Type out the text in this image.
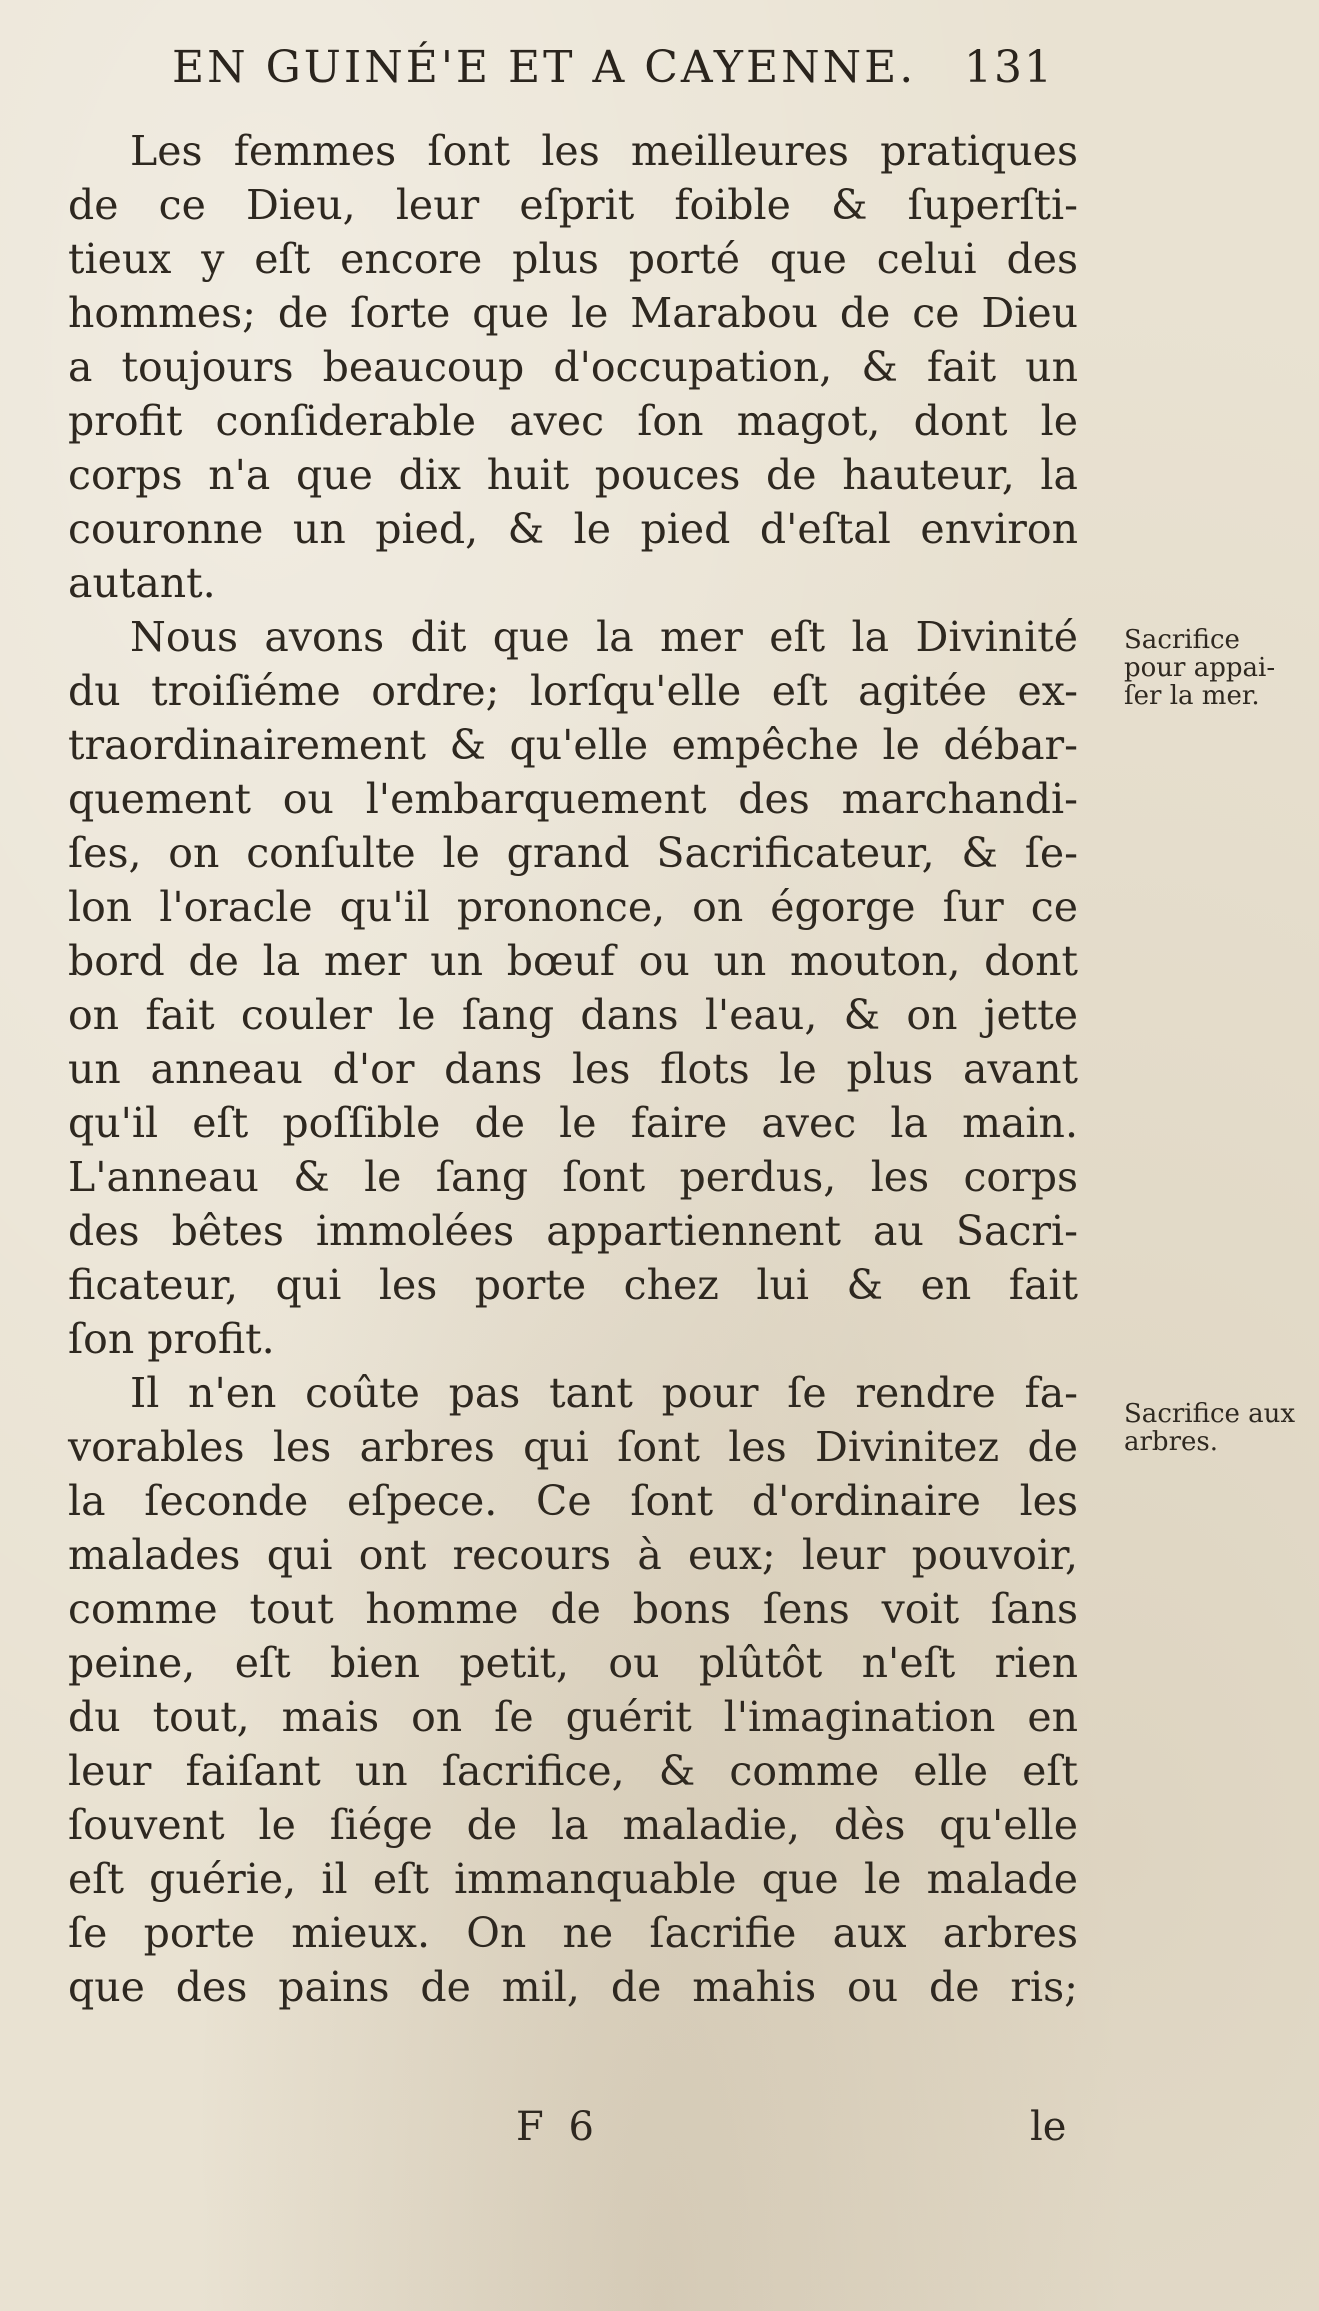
EN GUINÉ'E ET A CAYENNE.	131
Les femmes ſont les meilleures pratiques
de ce Dieu, leur eſprit foible & ſuperſti-
tieux y eſt encore plus porté que celui des
hommes; de ſorte que le Marabou de ce Dieu
a toujours beaucoup d'occupation, & fait un
profit conſiderable avec ſon magot, dont le
corps n'a que dix huit pouces de hauteur, la
couronne un pied, & le pied d'eſtal environ
autant.
Nous avons dit que la mer eſt la Divinité
du troiſiéme ordre; lorſqu'elle eſt agitée ex-
traordinairement & qu'elle empêche le débar-
quement ou l'embarquement des marchandi-
ſes, on conſulte le grand Sacrificateur, & ſe-
lon l'oracle qu'il prononce, on égorge ſur ce
bord de la mer un bœuf ou un mouton, dont
on fait couler le ſang dans l'eau, & on jette
un anneau d'or dans les flots le plus avant
qu'il eſt poſſible de le faire avec la main.
L'anneau & le ſang ſont perdus, les corps
des bêtes immolées appartiennent au Sacri-
ficateur, qui les porte chez lui & en fait
ſon profit.
Il n'en coûte pas tant pour ſe rendre fa-
vorables les arbres qui ſont les Divinitez de
la ſeconde eſpece. Ce ſont d'ordinaire les
malades qui ont recours à eux; leur pouvoir,
comme tout homme de bons ſens voit ſans
peine, eſt bien petit, ou plûtôt n'eſt rien
du tout, mais on ſe guérit l'imagination en
leur faiſant un ſacrifice, & comme elle eſt
ſouvent le ſiége de la maladie, dès qu'elle
eſt guérie, il eſt immanquable que le malade
ſe porte mieux. On ne ſacrifie aux arbres
que des pains de mil, de mahis ou de ris;
Sacrifice
pour appai-
ſer la mer.
Sacrifice aux
arbres.
F 6	le
